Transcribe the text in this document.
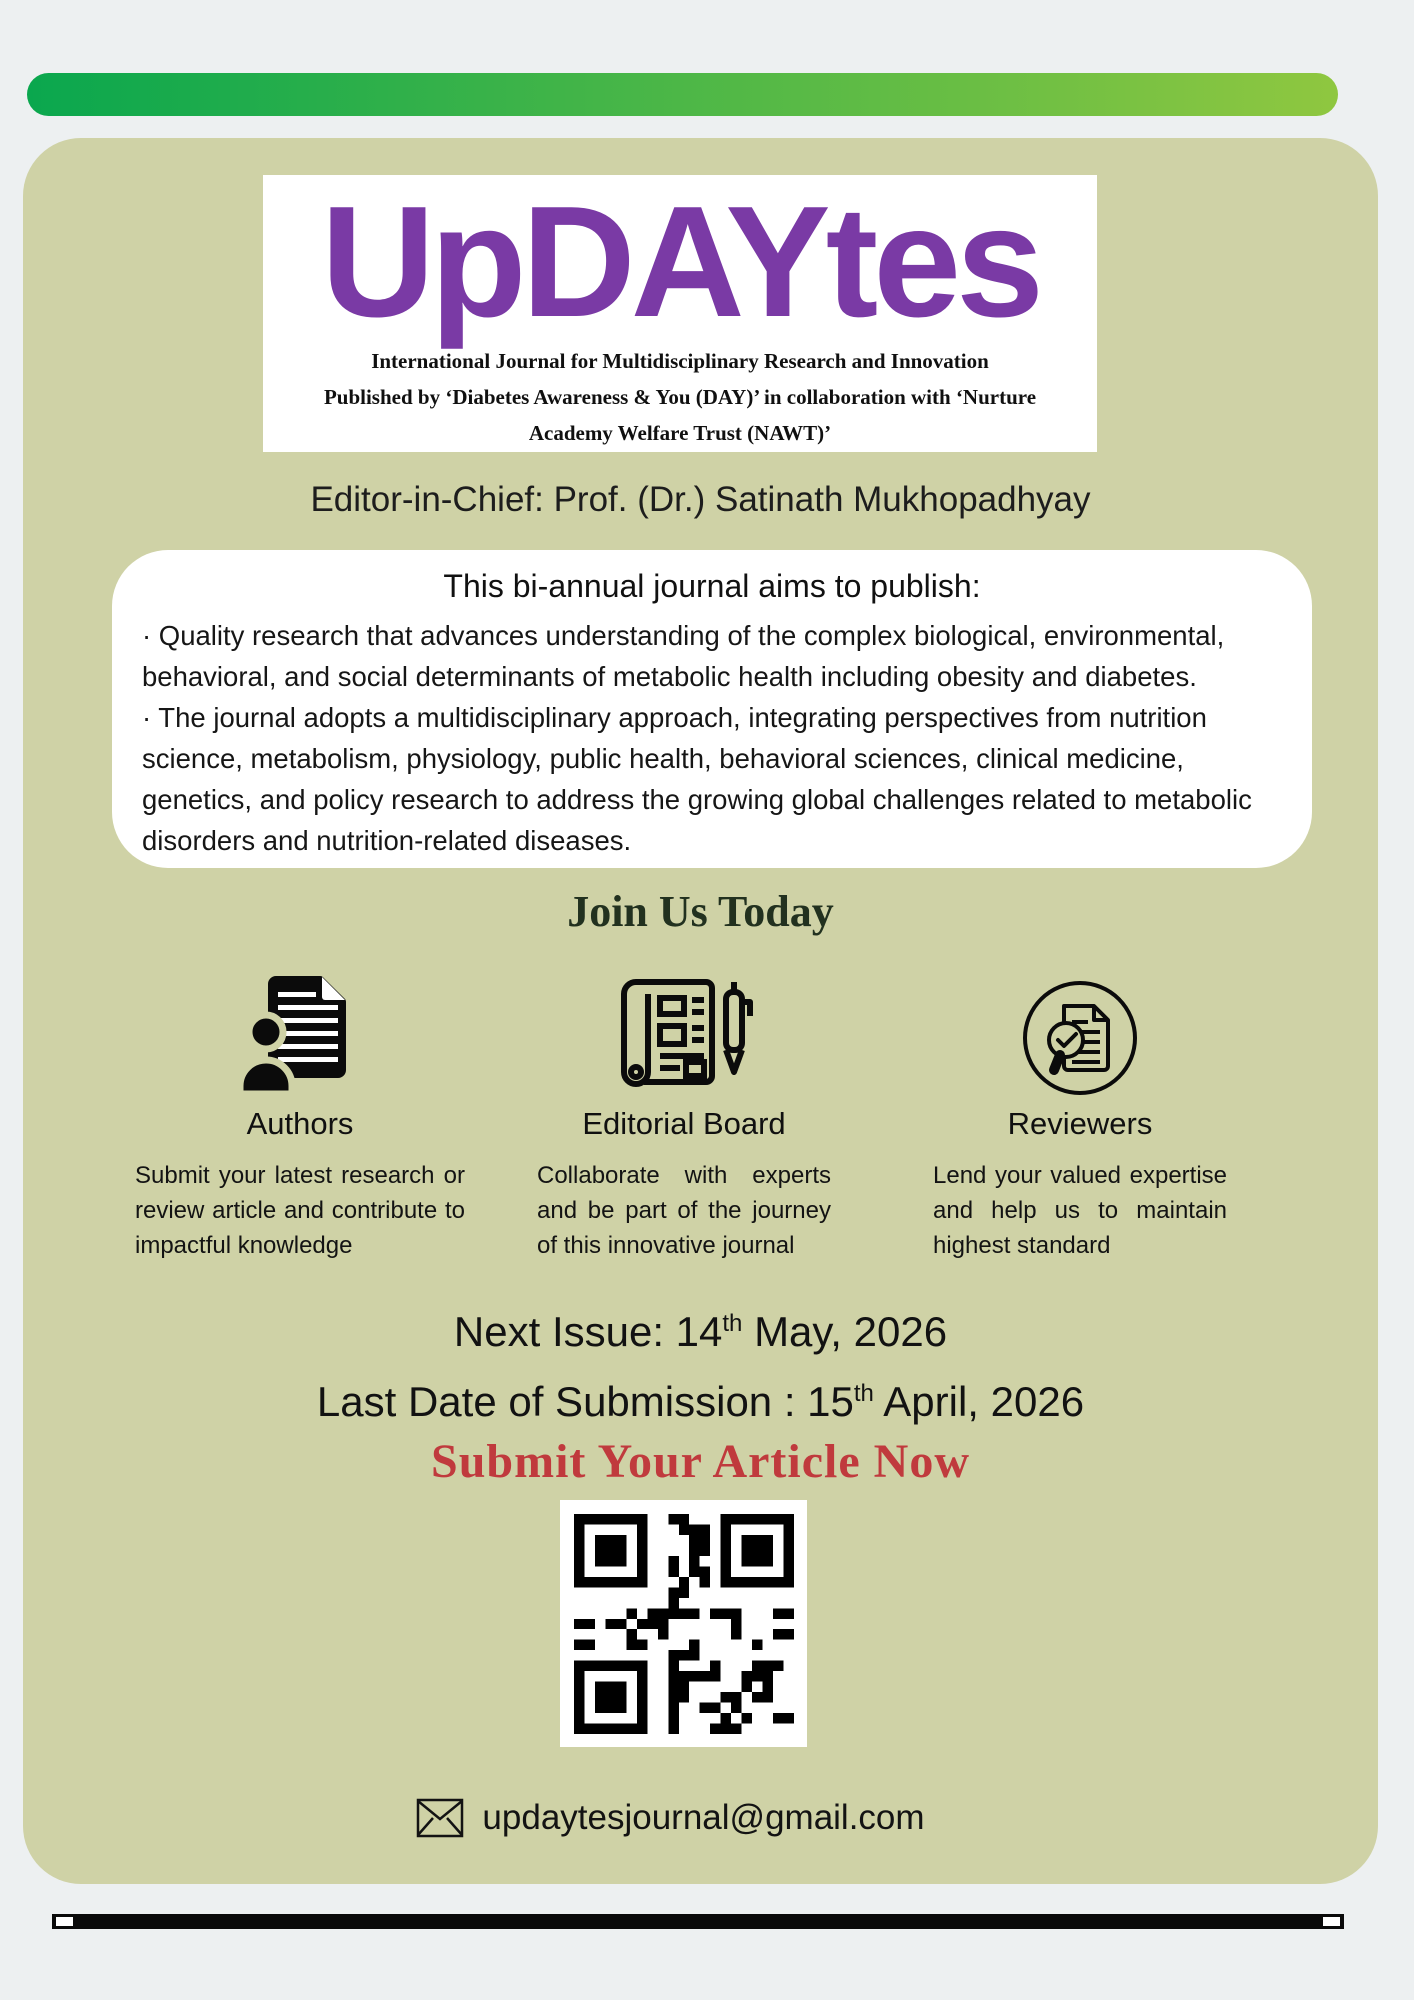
UpDAYtes
International Journal for Multidisciplinary Research and Innovation
Published by ‘Diabetes Awareness & You (DAY)’ in collaboration with ‘Nurture Academy Welfare Trust (NAWT)’
Editor-in-Chief: Prof. (Dr.) Satinath Mukhopadhyay
This bi-annual journal aims to publish:

· Quality research that advances understanding of the complex biological, environmental, behavioral, and social determinants of metabolic health including obesity and diabetes.

· The journal adopts a multidisciplinary approach, integrating perspectives from nutrition science, metabolism, physiology, public health, behavioral sciences, clinical medicine, genetics, and policy research to address the growing global challenges related to metabolic disorders and nutrition-related diseases.

Join Us Today
Authors
Submit your latest research or review article and contribute to impactful knowledge
Editorial Board
Collaborate with experts and be part of the journey of this innovative journal
Reviewers
Lend your valued expertise and help us to maintain highest standard
Next Issue: 14th May, 2026
Last Date of Submission : 15th April, 2026
Submit Your Article Now
updaytesjournal@gmail.com
